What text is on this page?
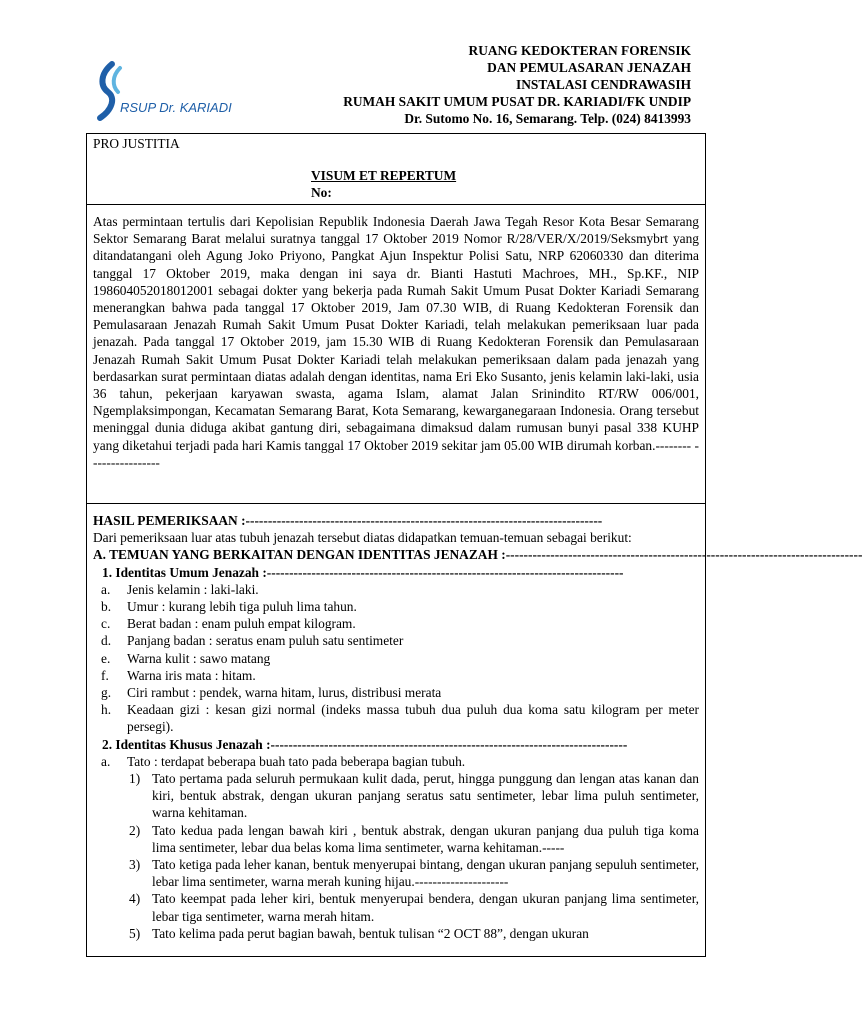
RSUP Dr. KARIADI
RUANG KEDOKTERAN FORENSIK
DAN PEMULASARAN JENAZAH
INSTALASI CENDRAWASIH
RUMAH SAKIT UMUM PUSAT DR. KARIADI/FK UNDIP
Dr. Sutomo No. 16, Semarang. Telp. (024) 8413993
PRO JUSTITIA
VISUM ET REPERTUM
No:

Atas permintaan tertulis dari Kepolisian Republik Indonesia Daerah Jawa Tegah Resor Kota Besar Semarang Sektor Semarang Barat melalui suratnya tanggal 17 Oktober 2019 Nomor R/28/VER/X/2019/Seksmybrt yang ditandatangani oleh Agung Joko Priyono, Pangkat Ajun Inspektur Polisi Satu, NRP 62060330 dan diterima tanggal 17 Oktober 2019, maka dengan ini saya dr. Bianti Hastuti Machroes, MH., Sp.KF., NIP 198604052018012001 sebagai dokter yang bekerja pada Rumah Sakit Umum Pusat Dokter Kariadi Semarang menerangkan bahwa pada tanggal 17 Oktober 2019, Jam 07.30 WIB, di Ruang Kedokteran Forensik dan Pemulasaraan Jenazah Rumah Sakit Umum Pusat Dokter Kariadi, telah melakukan pemeriksaan luar pada jenazah. Pada tanggal 17 Oktober 2019, jam 15.30 WIB di Ruang Kedokteran Forensik dan Pemulasaraan Jenazah Rumah Sakit Umum Pusat Dokter Kariadi telah melakukan pemeriksaan dalam pada jenazah yang berdasarkan surat permintaan diatas adalah dengan identitas, nama Eri Eko Susanto, jenis kelamin laki-laki, usia 36 tahun, pekerjaan karyawan swasta, agama Islam, alamat Jalan Srinindito RT/RW 006/001, Ngemplaksimpongan, Kecamatan Semarang Barat, Kota Semarang, kewarganegaraan Indonesia. Orang tersebut meninggal dunia diduga akibat gantung diri, sebagaimana dimaksud dalam rumusan bunyi pasal 338 KUHP yang diketahui terjadi pada hari Kamis tanggal 17 Oktober 2019 sekitar jam 05.00 WIB dirumah korban.-------- ----------------

HASIL PEMERIKSAAN :--------------------------------------------------------------------------------
Dari pemeriksaan luar atas tubuh jenazah tersebut diatas didapatkan temuan-temuan sebagai berikut:
A. TEMUAN YANG BERKAITAN DENGAN IDENTITAS JENAZAH :--------------------------------------------------------------------------------
1. Identitas Umum Jenazah :--------------------------------------------------------------------------------
a.	Jenis kelamin : laki-laki.
b.	Umur : kurang lebih tiga puluh lima tahun.
c.	Berat badan : enam puluh empat kilogram.
d.	Panjang badan : seratus enam puluh satu sentimeter
e.	Warna kulit : sawo matang
f.	Warna iris mata : hitam.
g.	Ciri rambut : pendek, warna hitam, lurus, distribusi merata
h.	Keadaan gizi : kesan gizi normal (indeks massa tubuh dua puluh dua koma satu kilogram per meter persegi).
2. Identitas Khusus Jenazah :--------------------------------------------------------------------------------
a.	Tato : terdapat beberapa buah tato pada beberapa bagian tubuh.
1) Tato pertama pada seluruh permukaan kulit dada, perut, hingga punggung dan lengan atas kanan dan kiri, bentuk abstrak, dengan ukuran panjang seratus satu sentimeter, lebar lima puluh sentimeter, warna kehitaman.
2) Tato kedua pada lengan bawah kiri , bentuk abstrak, dengan ukuran panjang dua puluh tiga koma lima sentimeter, lebar dua belas koma lima sentimeter, warna kehitaman.-----
3) Tato ketiga pada leher kanan, bentuk menyerupai bintang, dengan ukuran panjang sepuluh sentimeter, lebar lima sentimeter, warna merah kuning hijau.---------------------
4) Tato keempat pada leher kiri, bentuk menyerupai bendera, dengan ukuran panjang lima sentimeter, lebar tiga sentimeter, warna merah hitam.
5) Tato kelima pada perut bagian bawah, bentuk tulisan “2 OCT 88”, dengan ukuran
